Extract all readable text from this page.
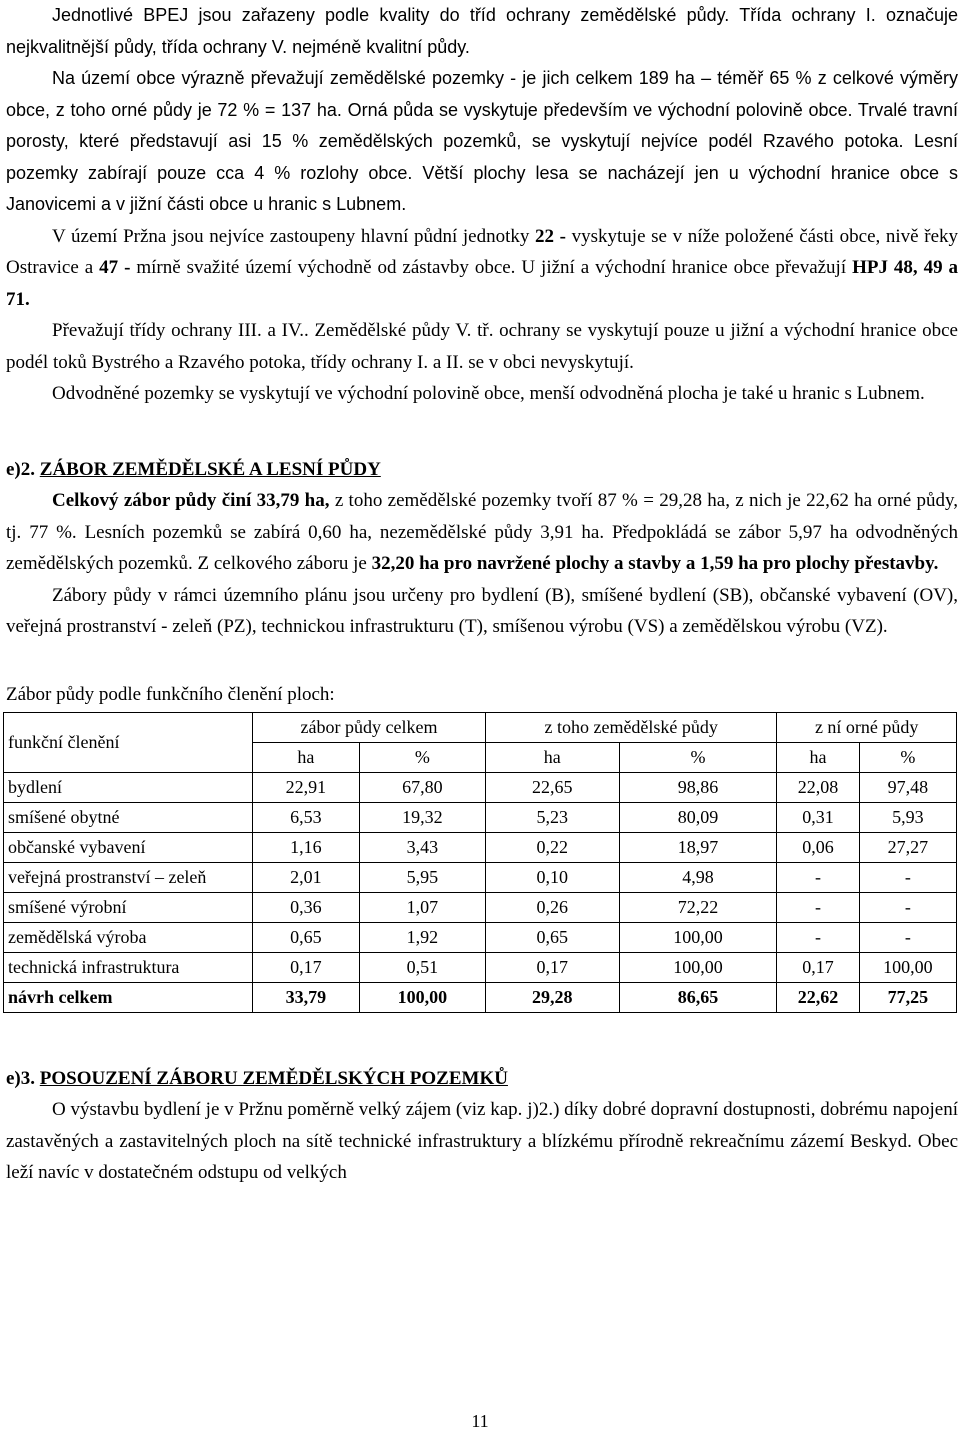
Jednotlivé BPEJ jsou zařazeny podle kvality do tříd ochrany zemědělské půdy. Třída ochrany I. označuje nejkvalitnější půdy, třída ochrany V. nejméně kvalitní půdy.

Na území obce výrazně převažují zemědělské pozemky - je jich celkem 189 ha – téměř 65 % z celkové výměry obce, z toho orné půdy je 72 % = 137 ha. Orná půda se vyskytuje především ve východní polovině obce. Trvalé travní porosty, které představují asi 15 % zemědělských pozemků, se vyskytují nejvíce podél Rzavého potoka. Lesní pozemky zabírají pouze cca 4 % rozlohy obce. Větší plochy lesa se nacházejí jen u východní hranice obce s Janovicemi a v jižní části obce u hranic s Lubnem.

V území Pržna jsou nejvíce zastoupeny hlavní půdní jednotky 22 - vyskytuje se v níže položené části obce, nivě řeky Ostravice a 47 - mírně svažité území východně od zástavby obce. U jižní a východní hranice obce převažují HPJ 48, 49 a 71.

Převažují třídy ochrany III. a IV.. Zemědělské půdy V. tř. ochrany se vyskytují pouze u jižní a východní hranice obce podél toků Bystrého a Rzavého potoka, třídy ochrany I. a II. se v obci nevyskytují.

Odvodněné pozemky se vyskytují ve východní polovině obce, menší odvodněná plocha je také u hranic s Lubnem.

e)2. ZÁBOR ZEMĚDĚLSKÉ A LESNÍ PŮDY

Celkový zábor půdy činí 33,79 ha, z toho zemědělské pozemky tvoří 87 % = 29,28 ha, z nich je 22,62 ha orné půdy, tj. 77 %. Lesních pozemků se zabírá 0,60 ha, nezemědělské půdy 3,91 ha. Předpokládá se zábor 5,97 ha odvodněných zemědělských pozemků. Z celkového záboru je 32,20 ha pro navržené plochy a stavby a 1,59 ha pro plochy přestavby.

Zábory půdy v rámci územního plánu jsou určeny pro bydlení (B), smíšené bydlení (SB), občanské vybavení (OV), veřejná prostranství - zeleň (PZ), technickou infrastrukturu (T), smíšenou výrobu (VS) a zemědělskou výrobu (VZ).

Zábor půdy podle funkčního členění ploch:

funkční členění	zábor půdy celkem		z toho zemědělské půdy		z ní orné půdy	
	ha	%	ha	%	ha	%
bydlení	22,91	67,80	22,65	98,86	22,08	97,48
smíšené obytné	6,53	19,32	5,23	80,09	0,31	5,93
občanské vybavení	1,16	3,43	0,22	18,97	0,06	27,27
veřejná prostranství – zeleň	2,01	5,95	0,10	4,98	-	-
smíšené výrobní	0,36	1,07	0,26	72,22	-	-
zemědělská výroba	0,65	1,92	0,65	100,00	-	-
technická infrastruktura	0,17	0,51	0,17	100,00	0,17	100,00
návrh celkem	33,79	100,00	29,28	86,65	22,62	77,25

e)3. POSOUZENÍ ZÁBORU ZEMĚDĚLSKÝCH POZEMKŮ

O výstavbu bydlení je v Pržnu poměrně velký zájem (viz kap. j)2.) díky dobré dopravní dostupnosti, dobrému napojení zastavěných a zastavitelných ploch na sítě technické infrastruktury a blízkému přírodně rekreačnímu zázemí Beskyd. Obec leží navíc v dostatečném odstupu od velkých

11
